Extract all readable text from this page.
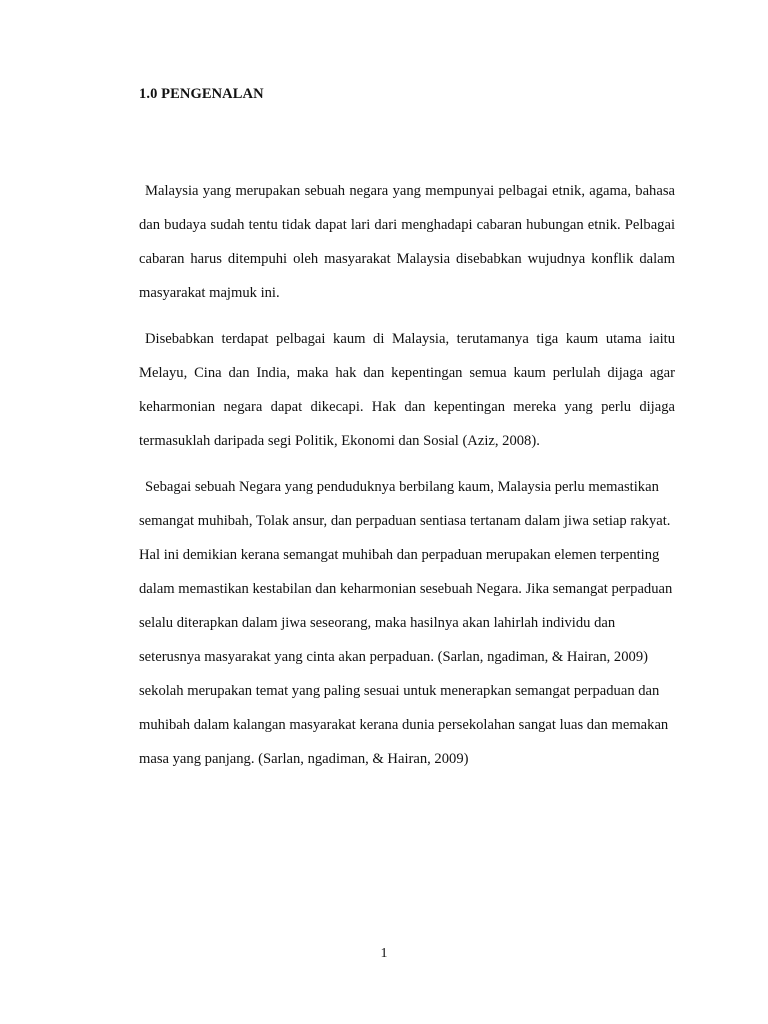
1.0 PENGENALAN

Malaysia yang merupakan sebuah negara yang mempunyai pelbagai etnik, agama, bahasa dan budaya sudah tentu tidak dapat lari dari menghadapi cabaran hubungan etnik. Pelbagai cabaran harus ditempuhi oleh masyarakat Malaysia disebabkan wujudnya konflik dalam masyarakat majmuk ini.

Disebabkan terdapat pelbagai kaum di Malaysia, terutamanya tiga kaum utama iaitu Melayu, Cina dan India, maka hak dan kepentingan semua kaum perlulah dijaga agar keharmonian negara dapat dikecapi. Hak dan kepentingan mereka yang perlu dijaga termasuklah daripada segi Politik, Ekonomi dan Sosial (Aziz, 2008).

Sebagai sebuah Negara yang penduduknya berbilang kaum, Malaysia perlu memastikan semangat muhibah, Tolak ansur, dan perpaduan sentiasa tertanam dalam jiwa setiap rakyat. Hal ini demikian kerana semangat muhibah dan perpaduan merupakan elemen terpenting dalam memastikan kestabilan dan keharmonian sesebuah Negara. Jika semangat perpaduan selalu diterapkan dalam jiwa seseorang, maka hasilnya akan lahirlah individu dan seterusnya masyarakat yang cinta akan perpaduan. (Sarlan, ngadiman, & Hairan, 2009) sekolah merupakan temat yang paling sesuai untuk menerapkan semangat perpaduan dan muhibah dalam kalangan masyarakat kerana dunia persekolahan sangat luas dan memakan masa yang panjang. (Sarlan, ngadiman, & Hairan, 2009)

1
